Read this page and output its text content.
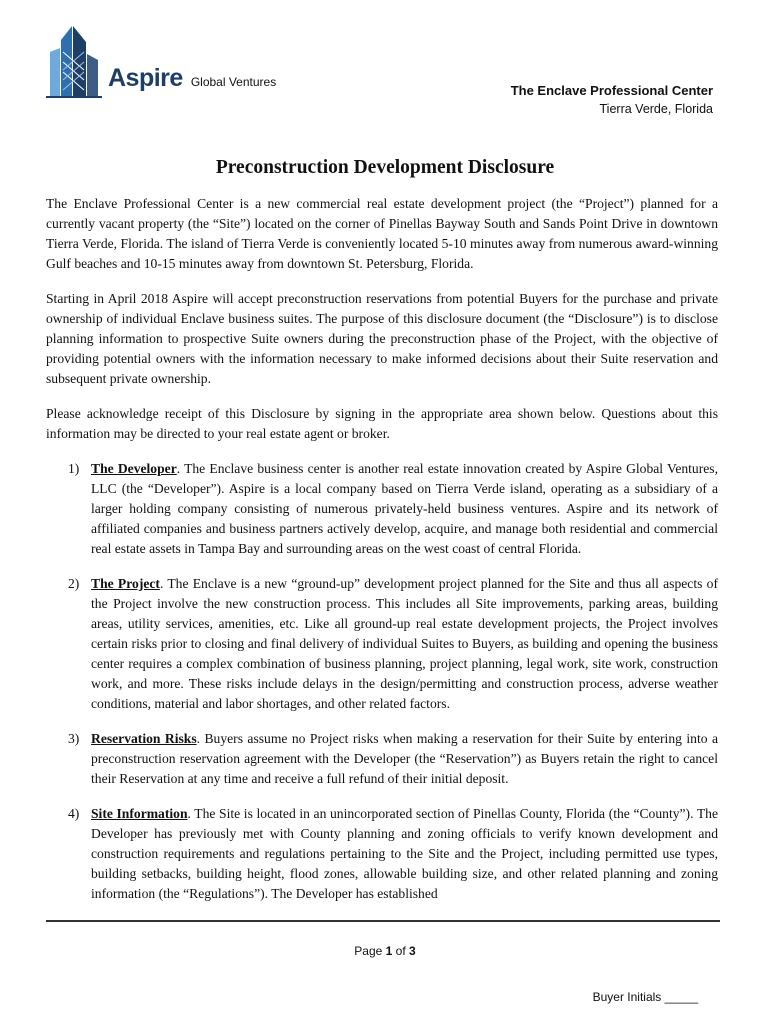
Aspire Global Ventures
The Enclave Professional Center
Tierra Verde, Florida
Preconstruction Development Disclosure

The Enclave Professional Center is a new commercial real estate development project (the “Project”) planned for a currently vacant property (the “Site”) located on the corner of Pinellas Bayway South and Sands Point Drive in downtown Tierra Verde, Florida. The island of Tierra Verde is conveniently located 5-10 minutes away from numerous award-winning Gulf beaches and 10-15 minutes away from downtown St. Petersburg, Florida.

Starting in April 2018 Aspire will accept preconstruction reservations from potential Buyers for the purchase and private ownership of individual Enclave business suites. The purpose of this disclosure document (the “Disclosure”) is to disclose planning information to prospective Suite owners during the preconstruction phase of the Project, with the objective of providing potential owners with the information necessary to make informed decisions about their Suite reservation and subsequent private ownership.

Please acknowledge receipt of this Disclosure by signing in the appropriate area shown below. Questions about this information may be directed to your real estate agent or broker.

1) The Developer. The Enclave business center is another real estate innovation created by Aspire Global Ventures, LLC (the “Developer”). Aspire is a local company based on Tierra Verde island, operating as a subsidiary of a larger holding company consisting of numerous privately-held business ventures. Aspire and its network of affiliated companies and business partners actively develop, acquire, and manage both residential and commercial real estate assets in Tampa Bay and surrounding areas on the west coast of central Florida.

2) The Project. The Enclave is a new “ground-up” development project planned for the Site and thus all aspects of the Project involve the new construction process. This includes all Site improvements, parking areas, building areas, utility services, amenities, etc. Like all ground-up real estate development projects, the Project involves certain risks prior to closing and final delivery of individual Suites to Buyers, as building and opening the business center requires a complex combination of business planning, project planning, legal work, site work, construction work, and more. These risks include delays in the design/permitting and construction process, adverse weather conditions, material and labor shortages, and other related factors.

3) Reservation Risks. Buyers assume no Project risks when making a reservation for their Suite by entering into a preconstruction reservation agreement with the Developer (the “Reservation”) as Buyers retain the right to cancel their Reservation at any time and receive a full refund of their initial deposit.

4) Site Information. The Site is located in an unincorporated section of Pinellas County, Florida (the “County”). The Developer has previously met with County planning and zoning officials to verify known development and construction requirements and regulations pertaining to the Site and the Project, including permitted use types, building setbacks, building height, flood zones, allowable building size, and other related planning and zoning information (the “Regulations”). The Developer has established

Page 1 of 3
Buyer Initials _____
